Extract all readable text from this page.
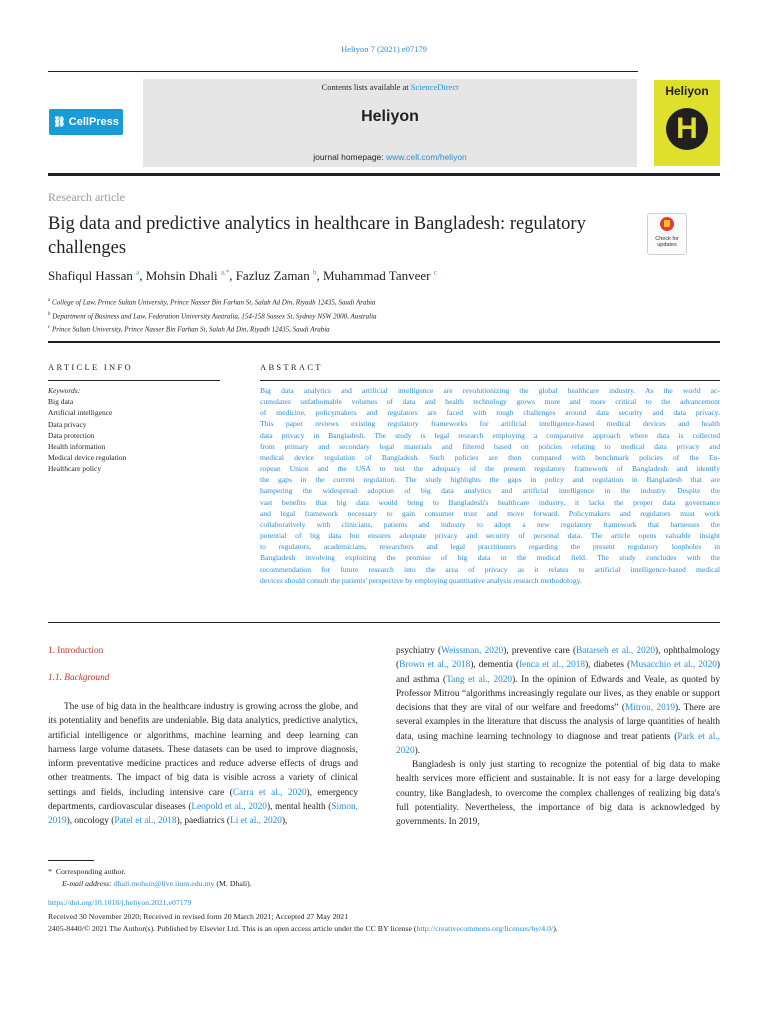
Heliyon 7 (2021) e07179
⛓ CellPress
Contents lists available at ScienceDirect
Heliyon
journal homepage: www.cell.com/heliyon
Heliyon
H
Research article
Big data and predictive analytics in healthcare in Bangladesh: regulatory challenges	Check for updates
Shafiqul Hassan $^a$, Mohsin Dhali $^{a,*}$, Fazluz Zaman $^b$, Muhammad Tanveer $^c$
$^a$ College of Law, Prince Sultan University, Prince Nasser Bin Farhan St, Salah Ad Din, Riyadh 12435, Saudi Arabia
$^b$ Department of Business and Law, Federation University Australia, 154-158 Sussex St, Sydney NSW 2000, Australia
$^c$ Prince Sultan University, Prince Nasser Bin Farhan St, Salah Ad Din, Riyadh 12435, Saudi Arabia
ARTICLE INFO	ABSTRACT
Keywords:
Big data
Artificial intelligence
Data privacy
Data protection
Health information
Medical device regulation
Healthcare policy
Big data analytics and artificial intelligence are revolutionizing the global healthcare industry. As the world ac-
cumulates unfathomable volumes of data and health technology grows more and more critical to the advancement
of medicine, policymakers and regulators are faced with tough challenges around data security and data privacy.
This paper reviews existing regulatory frameworks for artificial intelligence-based medical devices and health
data privacy in Bangladesh. The study is legal research employing a comparative approach where data is collected
from primary and secondary legal materials and filtered based on policies relating to medical data privacy and
medical device regulation of Bangladesh. Such policies are then compared with benchmark policies of the Eu-
ropean Union and the USA to test the adequacy of the present regulatory framework of Bangladesh and identify
the gaps in the current regulation. The study highlights the gaps in policy and regulation in Bangladesh that are
hampering the widespread adoption of big data analytics and artificial intelligence in the industry. Despite the
vast benefits that big data would bring to Bangladesh's healthcare industry, it lacks the proper data governance
and legal framework necessary to gain consumer trust and move forward. Policymakers and regulators must work
collaboratively with clinicians, patients and industry to adopt a new regulatory framework that harnesses the
potential of big data but ensures adequate privacy and security of personal data. The article opens valuable insight
to regulators, academicians, researchers and legal practitioners regarding the present regulatory loopholes in
Bangladesh involving exploiting the promise of big data in the medical field. The study concludes with the
recommendation for future research into the area of privacy as it relates to artificial intelligence-based medical
devices should consult the patients' perspective by employing quantitative analysis research methodology.
1. Introduction
1.1. Background
The use of big data in the healthcare industry is growing across the globe, and its potentiality and benefits are undeniable. Big data analytics, predictive analytics, artificial intelligence or algorithms, machine learning and deep learning can harness large volume datasets. These datasets can be used to improve diagnosis, inform preventative medicine practices and reduce adverse effects of drugs and other treatments. The impact of big data is visible across a variety of clinical settings and fields, including intensive care (Carra et al., 2020), emergency departments, cardiovascular diseases (Leopold et al., 2020), mental health (Simon, 2019), oncology (Patel et al., 2018), paediatrics (Li et al., 2020),

psychiatry (Weissman, 2020), preventive care (Batarseh et al., 2020), ophthalmology (Brown et al., 2018), dementia (Ienca et al., 2018), diabetes (Musacchio et al., 2020) and asthma (Tang et al., 2020). In the opinion of Edwards and Veale, as quoted by Professor Mitrou “algorithms increasingly regulate our lives, as they enable or support decisions that they are vital of our welfare and freedoms” (Mitrou, 2019). There are several examples in the literature that discuss the analysis of large quantities of health data, using machine learning technology to diagnose and treat patients (Park et al., 2020).

Bangladesh is only just starting to recognize the potential of big data to make health services more efficient and sustainable. It is not easy for a large developing country, like Bangladesh, to overcome the complex challenges of realizing big data's full potentiality. Nevertheless, the importance of big data is acknowledged by governments. In 2019,

* Corresponding author.
E-mail address: dhali.mohsin@live.iium.edu.my (M. Dhali).
https://doi.org/10.1016/j.heliyon.2021.e07179
Received 30 November 2020; Received in revised form 20 March 2021; Accepted 27 May 2021
2405-8440/© 2021 The Author(s). Published by Elsevier Ltd. This is an open access article under the CC BY license (http://creativecommons.org/licenses/by/4.0/).
